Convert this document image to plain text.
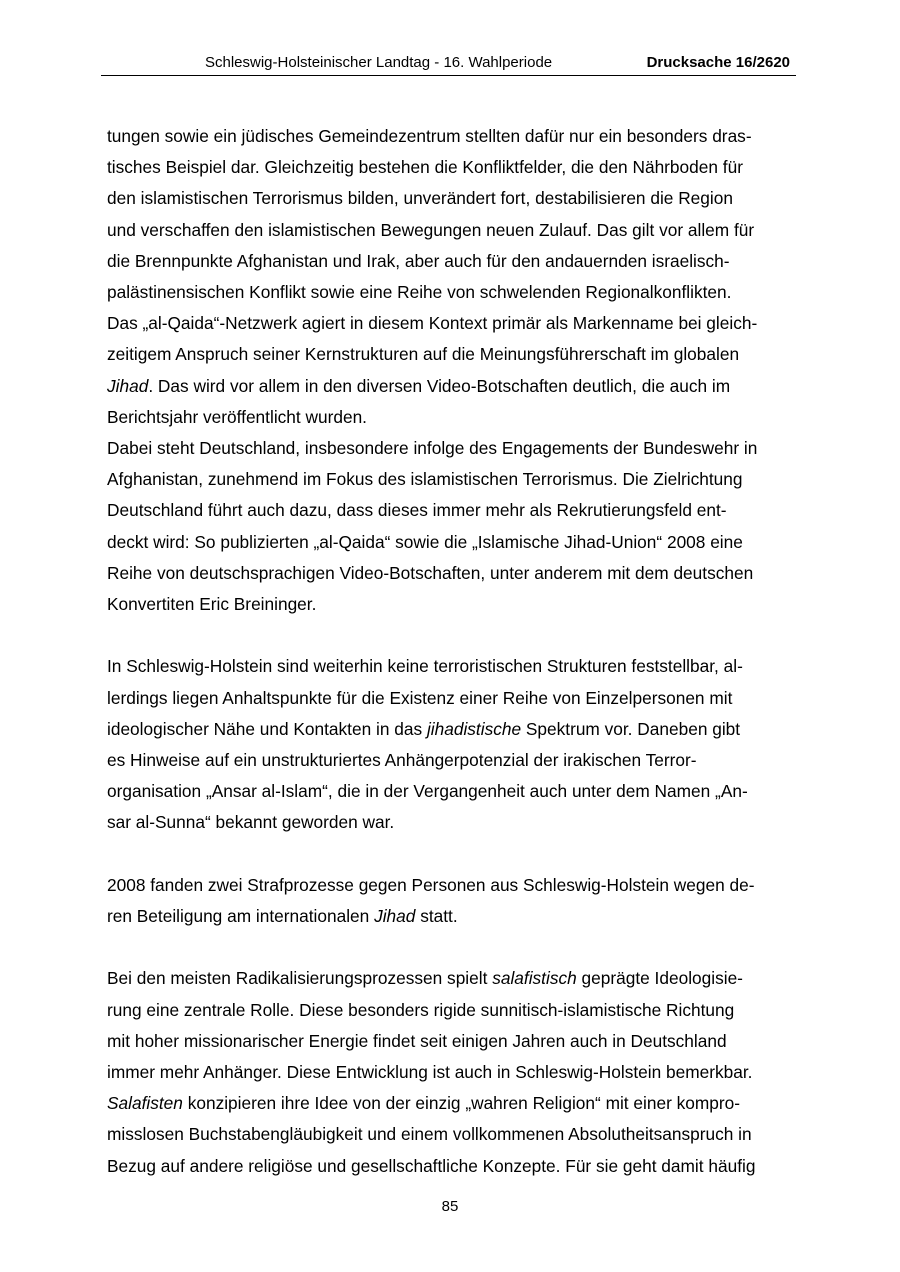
Schleswig-Holsteinischer Landtag - 16. Wahlperiode	Drucksache 16/2620
tungen sowie ein jüdisches Gemeindezentrum stellten dafür nur ein besonders dras-
tisches Beispiel dar. Gleichzeitig bestehen die Konfliktfelder, die den Nährboden für
den islamistischen Terrorismus bilden, unverändert fort, destabilisieren die Region
und verschaffen den islamistischen Bewegungen neuen Zulauf. Das gilt vor allem für
die Brennpunkte Afghanistan und Irak, aber auch für den andauernden israelisch-
palästinensischen Konflikt sowie eine Reihe von schwelenden Regionalkonflikten.
Das „al-Qaida“-Netzwerk agiert in diesem Kontext primär als Markenname bei gleich-
zeitigem Anspruch seiner Kernstrukturen auf die Meinungsführerschaft im globalen
Jihad. Das wird vor allem in den diversen Video-Botschaften deutlich, die auch im
Berichtsjahr veröffentlicht wurden.
Dabei steht Deutschland, insbesondere infolge des Engagements der Bundeswehr in
Afghanistan, zunehmend im Fokus des islamistischen Terrorismus. Die Zielrichtung
Deutschland führt auch dazu, dass dieses immer mehr als Rekrutierungsfeld ent-
deckt wird: So publizierten „al-Qaida“ sowie die „Islamische Jihad-Union“ 2008 eine
Reihe von deutschsprachigen Video-Botschaften, unter anderem mit dem deutschen
Konvertiten Eric Breininger.
In Schleswig-Holstein sind weiterhin keine terroristischen Strukturen feststellbar, al-
lerdings liegen Anhaltspunkte für die Existenz einer Reihe von Einzelpersonen mit
ideologischer Nähe und Kontakten in das jihadistische Spektrum vor. Daneben gibt
es Hinweise auf ein unstrukturiertes Anhängerpotenzial der irakischen Terror-
organisation „Ansar al-Islam“, die in der Vergangenheit auch unter dem Namen „An-
sar al-Sunna“ bekannt geworden war.
2008 fanden zwei Strafprozesse gegen Personen aus Schleswig-Holstein wegen de-
ren Beteiligung am internationalen Jihad statt.
Bei den meisten Radikalisierungsprozessen spielt salafistisch geprägte Ideologisie-
rung eine zentrale Rolle. Diese besonders rigide sunnitisch-islamistische Richtung
mit hoher missionarischer Energie findet seit einigen Jahren auch in Deutschland
immer mehr Anhänger. Diese Entwicklung ist auch in Schleswig-Holstein bemerkbar.
Salafisten konzipieren ihre Idee von der einzig „wahren Religion“ mit einer kompro-
misslosen Buchstabengläubigkeit und einem vollkommenen Absolutheitsanspruch in
Bezug auf andere religiöse und gesellschaftliche Konzepte. Für sie geht damit häufig
85
